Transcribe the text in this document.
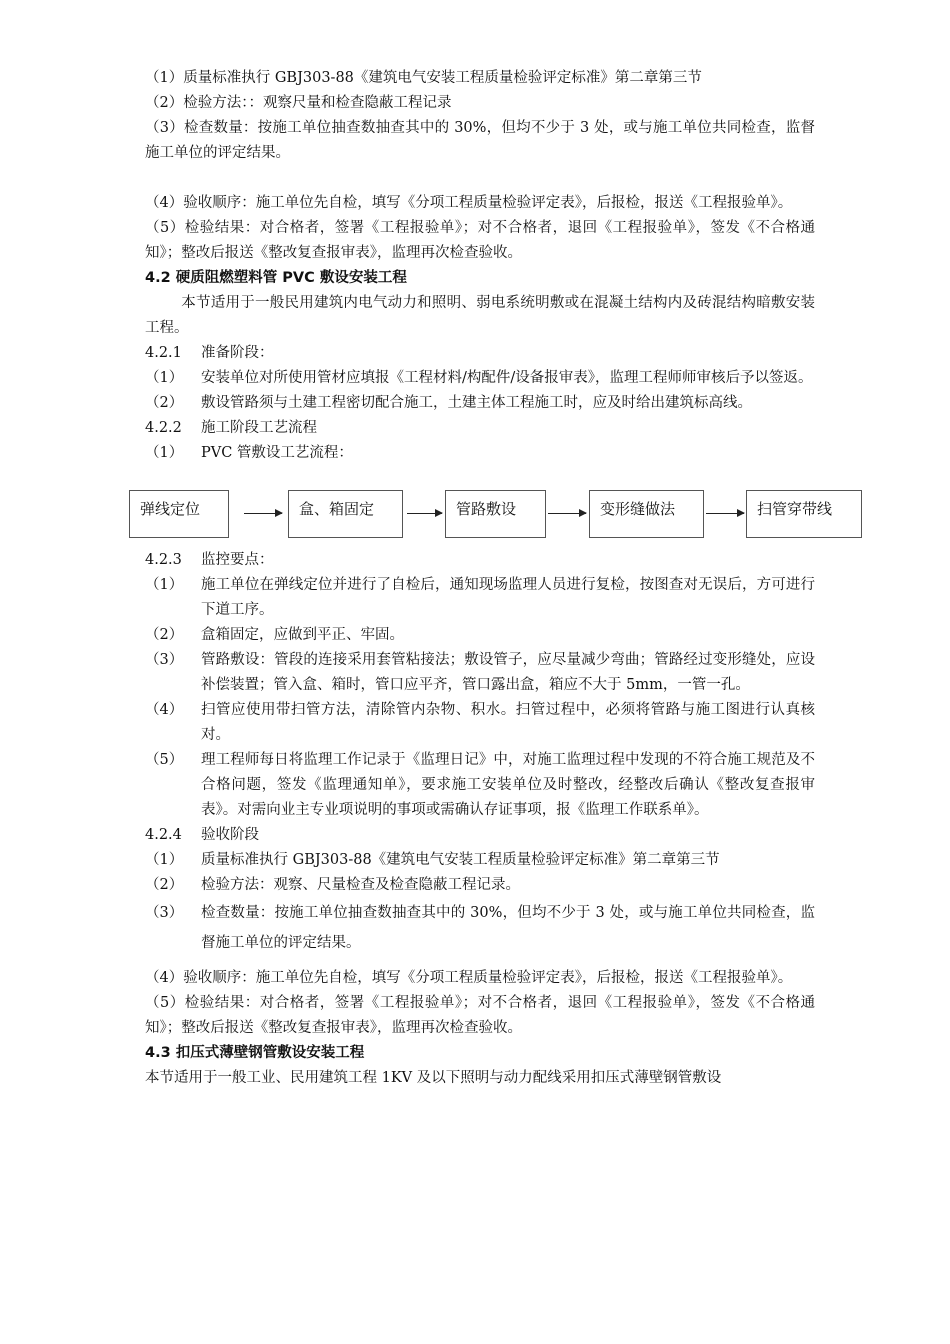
（1）质量标准执行 GBJ303-88《建筑电气安装工程质量检验评定标准》第二章第三节

（2）检验方法：：观察尺量和检查隐蔽工程记录

（3）检查数量：按施工单位抽查数抽查其中的 30%，但均不少于 3 处，或与施工单位共同检查，监督施工单位的评定结果。

（4）验收顺序：施工单位先自检，填写《分项工程质量检验评定表》，后报检，报送《工程报验单》。

（5）检验结果：对合格者，签署《工程报验单》；对不合格者，退回《工程报验单》，签发《不合格通知》；整改后报送《整改复查报审表》，监理再次检查验收。

4.2 硬质阻燃塑料管 PVC 敷设安装工程

本节适用于一般民用建筑内电气动力和照明、弱电系统明敷或在混凝土结构内及砖混结构暗敷安装工程。

4.2.1	准备阶段：
（1）	安装单位对所使用管材应填报《工程材料/构配件/设备报审表》，监理工程师师审核后予以签返。
（2）	敷设管路须与土建工程密切配合施工，土建主体工程施工时，应及时给出建筑标高线。
4.2.2	施工阶段工艺流程
（1）	PVC 管敷设工艺流程：
弹线定位	盒、箱固定	管路敷设	变形缝做法	扫管穿带线
4.2.3	监控要点：
（1）	施工单位在弹线定位并进行了自检后，通知现场监理人员进行复检，按图查对无误后，方可进行下道工序。
（2）	盒箱固定，应做到平正、牢固。
（3）	管路敷设：管段的连接采用套管粘接法；敷设管子，应尽量减少弯曲；管路经过变形缝处，应设补偿装置；管入盒、箱时，管口应平齐，管口露出盒，箱应不大于 5mm，一管一孔。
（4）	扫管应使用带扫管方法，清除管内杂物、积水。扫管过程中，必须将管路与施工图进行认真核对。
（5）	理工程师每日将监理工作记录于《监理日记》中，对施工监理过程中发现的不符合施工规范及不合格问题，签发《监理通知单》，要求施工安装单位及时整改，经整改后确认《整改复查报审表》。对需向业主专业项说明的事项或需确认存证事项，报《监理工作联系单》。
4.2.4	验收阶段
（1）	质量标准执行 GBJ303-88《建筑电气安装工程质量检验评定标准》第二章第三节
（2）	检验方法：观察、尺量检查及检查隐蔽工程记录。
（3）	检查数量：按施工单位抽查数抽查其中的 30%，但均不少于 3 处，或与施工单位共同检查，监督施工单位的评定结果。

（4）验收顺序：施工单位先自检，填写《分项工程质量检验评定表》，后报检，报送《工程报验单》。

（5）检验结果：对合格者，签署《工程报验单》；对不合格者，退回《工程报验单》，签发《不合格通知》；整改后报送《整改复查报审表》，监理再次检查验收。

4.3 扣压式薄壁钢管敷设安装工程

本节适用于一般工业、民用建筑工程 1KV 及以下照明与动力配线采用扣压式薄壁钢管敷设
